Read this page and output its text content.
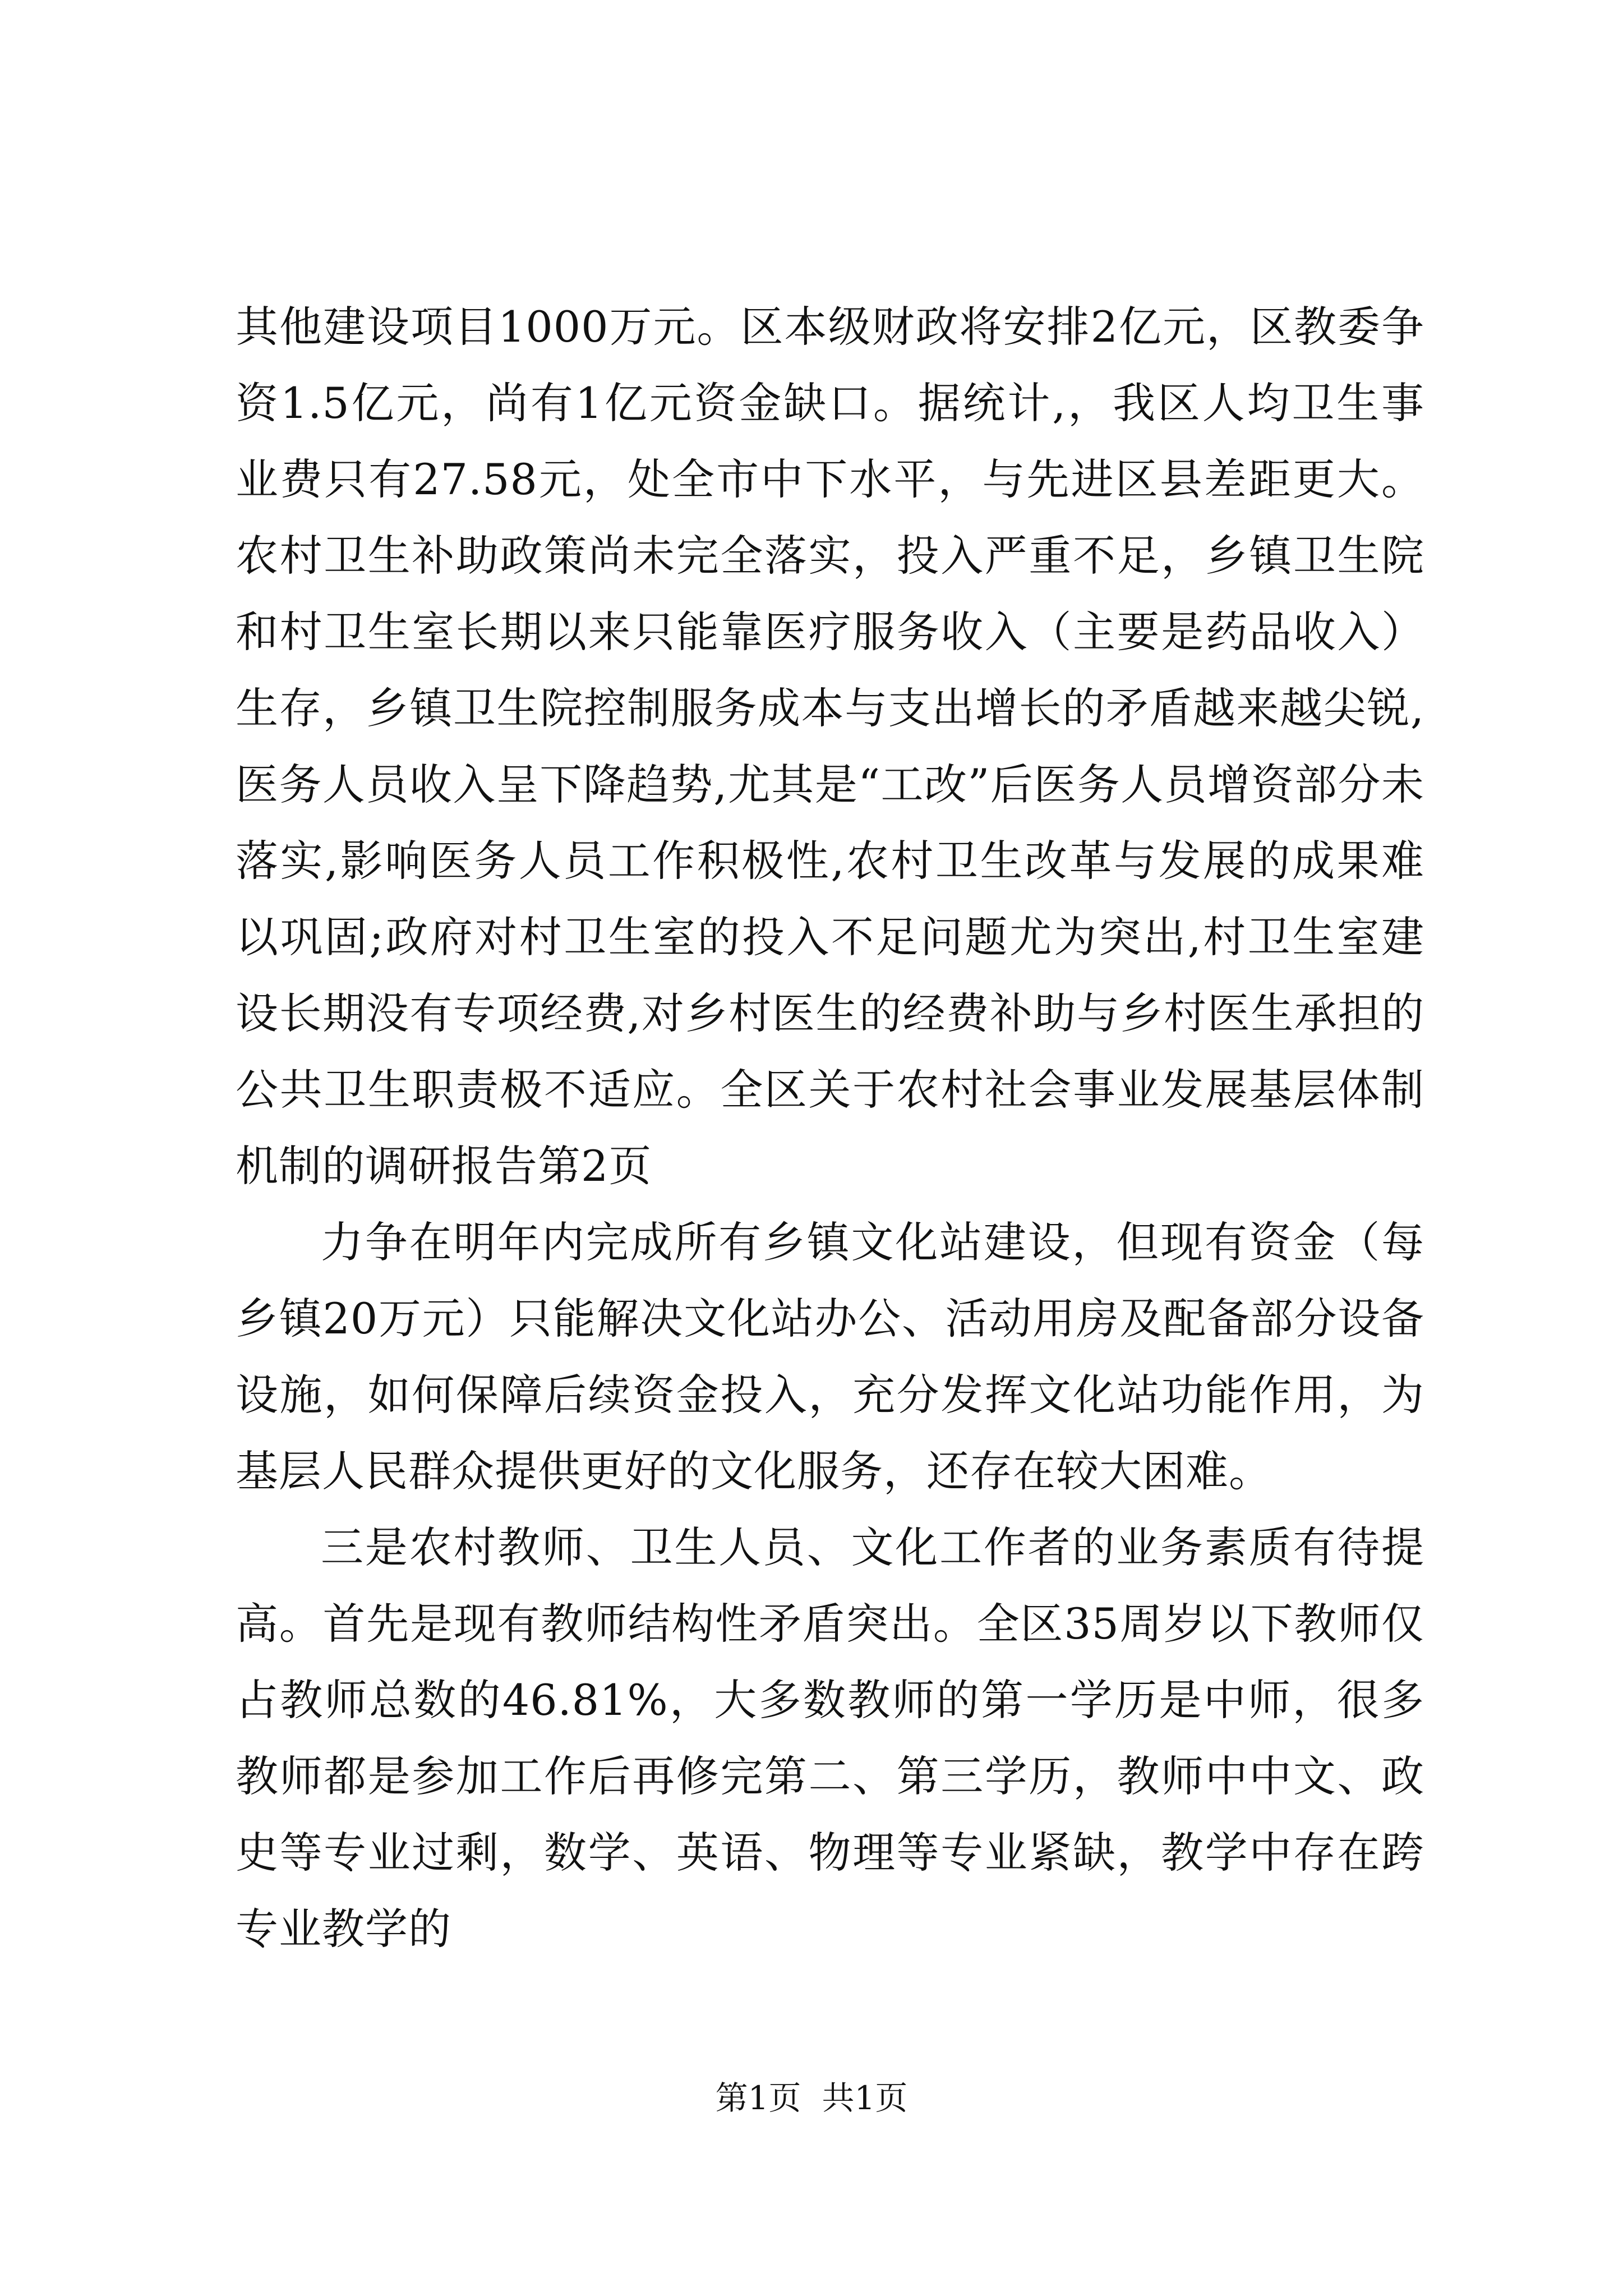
其他建设项目1000万元。区本级财政将安排2亿元，区教委争资1.5亿元，尚有1亿元资金缺口。据统计,，我区人均卫生事业费只有27.58元，处全市中下水平，与先进区县差距更大。农村卫生补助政策尚未完全落实，投入严重不足，乡镇卫生院和村卫生室长期以来只能靠医疗服务收入（主要是药品收入）生存，乡镇卫生院控制服务成本与支出增长的矛盾越来越尖锐,医务人员收入呈下降趋势,尤其是“工改”后医务人员增资部分未落实,影响医务人员工作积极性,农村卫生改革与发展的成果难以巩固;政府对村卫生室的投入不足问题尤为突出,村卫生室建设长期没有专项经费,对乡村医生的经费补助与乡村医生承担的公共卫生职责极不适应。全区关于农村社会事业发展基层体制机制的调研报告第2页

力争在明年内完成所有乡镇文化站建设，但现有资金（每乡镇20万元）只能解决文化站办公、活动用房及配备部分设备设施，如何保障后续资金投入，充分发挥文化站功能作用，为基层人民群众提供更好的文化服务，还存在较大困难。

三是农村教师、卫生人员、文化工作者的业务素质有待提高。首先是现有教师结构性矛盾突出。全区35周岁以下教师仅占教师总数的46.81%，大多数教师的第一学历是中师，很多教师都是参加工作后再修完第二、第三学历，教师中中文、政史等专业过剩，数学、英语、物理等专业紧缺，教学中存在跨专业教学的

第1页 共1页
